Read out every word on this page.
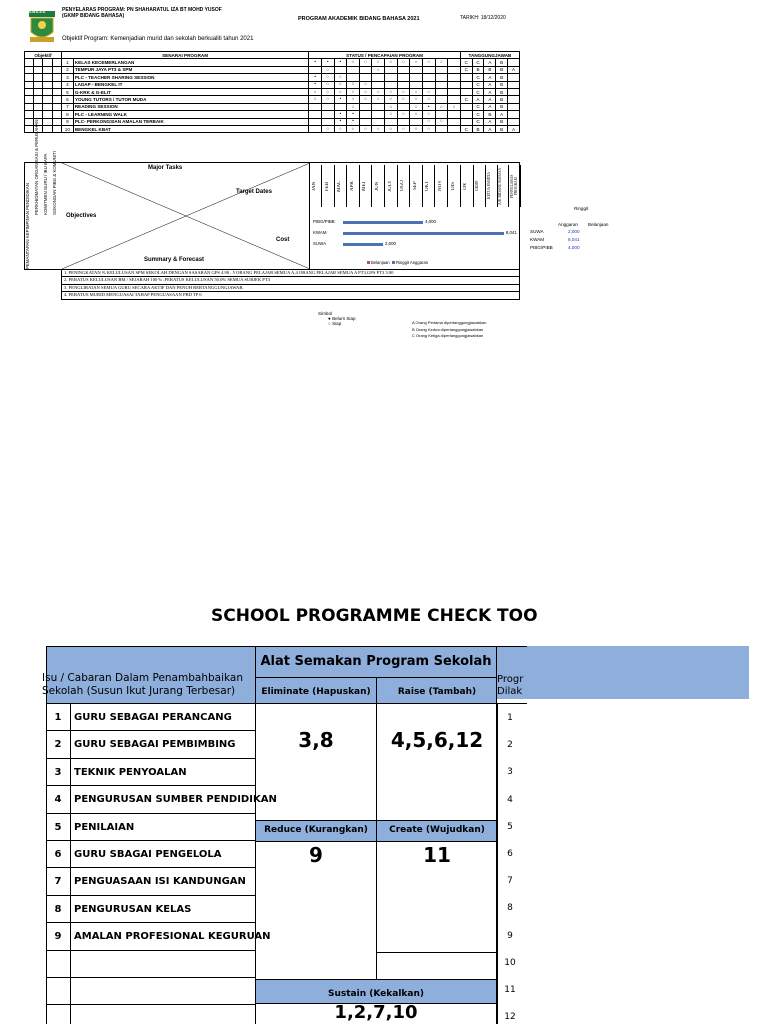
S.M.K.A.K.	PENYELARAS PROGRAM: PN SHAHARATUL IZA BT MOHD YUSOF
(GKMP BIDANG BAHASA)	PROGRAM AKADEMIK BIDANG BAHASA 2021	TARIKH: 18/12/2020
Objektif Program: Kemenjadian murid dan sekolah berkualiti tahun 2021
Objektif				SENARAI PROGRAM		STATUS / PENCAPAIAN PROGRAM												TANGGUNGJAWAB				
				1	KELAS KECEMERLANGAN	•	•	•	○	○	○	○	○	○	○	○		C	C	A	B	
				2	TEMPUR JAYA PT3 & SPM		○				○							C	B	B	B	A
				3	PLC - TEACHER SHARING SESSION	•	○	○											C	A	B	
				4	LADAP - BENGKEL IT	•	○	○	○	○									C	A	B	
				5	G-KRK & G-ELIT	○	○	○	○	○	○	○	○	○	○				C	A	B	
				6	YOUNG TUTORS / TUTOR MUDA	○	○	•	○	○	○	○	○	○	○			C	A	A	B	
				7	READING SESSION				○			○		○	•	○	○		C	A	B	
				8	PLC - LEARNING WALK			•	•			○	○	○	○				C	B	A	
				9	PLC- PERKONGSIAN AMALAN TERBAIK			•	•						○	○			C	A	B	
				10	BENGKEL KBAT		○	○	○	○	○	○	○	○	○			C	B	A	B	A
PEMANTAPAN KEPIMPINAN PENDIDIKAN
PERKHIDMATAN ORGANISASI & PERUBAHAN KOMITMEN GURU / IBU BAPA SOKONGAN PIBG & KOMUNITI	Major Tasks
Target Dates
Objectives
Cost
Summary & Forecast
JAN	FEB	MAC	APR	MEI	JUN	JULY	OGO	SEP	OKT	NOV	DIS	GPK	GKMP	KETUA PANITIA	AJK BIDANG BAHASA	PENYELARAS PROGRAM
Belanjaan Ringgit Anggaran
PIBG/PIBB	4,000
KWAM	8,041
SUWA	2,000
1. PENINGKATAN % KELULUSAN SPM SEKOLAH DENGAN SASARAN GPS 4.90 , 5 ORANG PELAJAR SEMUA A,4 ORANG PELAJAR SEMUA A PT3,GPS PT3 3.00
2. PERATUS KELULUSAN BM / SEJARAH 100 % ,PERATUS KELULUSAN 50.0% SEMUA SUBJEK PT3
3. PENGLIBATAN SEMUA GURU SECARA AKTIF DAN PENUH BERTANGGUNGJAWAB.
4. PERATUS MURID MENGUASAI TAHAP PENGUASAAN PBD TP 6
Ringgit
Anggaran Belanjaan
SUWA	2,000
KWAM	8,041
PIBG/PIBB	4,000
Simbol
● Belum Siap
○ Siap	A Orang Pertama dipertanggungjawabkan
B Orang Kedua dipertanggungjawabkan
C Orang Ketiga dipertanggungjawabkan
SCHOOL PROGRAMME CHECK TOO
Isu / Cabaran Dalam Penambahbaikan
Sekolah (Susun Ikut Jurang Terbesar)
Alat Semakan Program Sekolah
Eliminate (Hapuskan)	Raise (Tambah)
Progr
Dilak
1	GURU SEBAGAI PERANCANG
2	GURU SEBAGAI PEMBIMBING
3	TEKNIK PENYOALAN
4	PENGURUSAN SUMBER PENDIDIKAN
5	PENILAIAN
6	GURU SBAGAI PENGELOLA
7	PENGUASAAN ISI KANDUNGAN
8	PENGURUSAN KELAS
9	AMALAN PROFESIONAL KEGURUAN
3,8	4,5,6,12
Reduce (Kurangkan)	Create (Wujudkan)
9	11
Sustain (Kekalkan)
1,2,7,10
1
2
3
4
5
6
7
8
9
10
11
12
